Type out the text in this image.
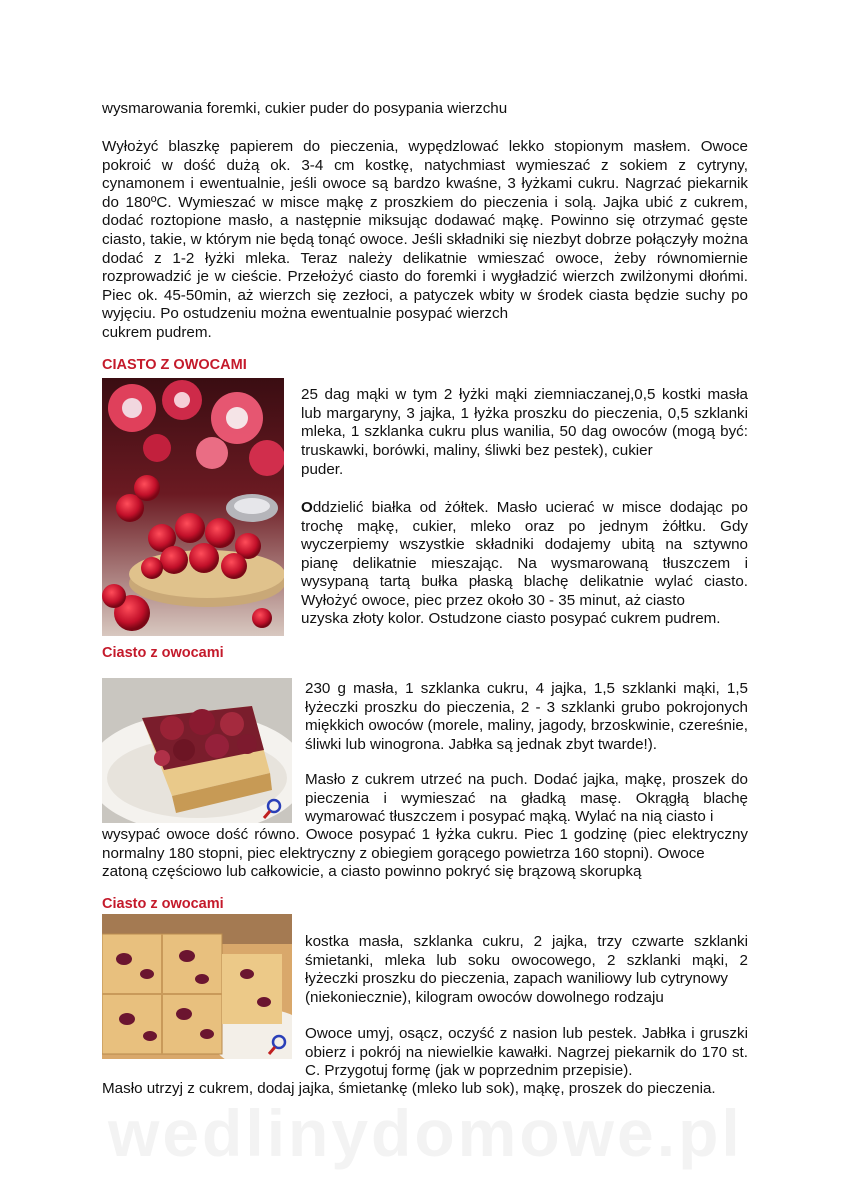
wysmarowania foremki, cukier puder do posypania wierzchu

Wyłożyć blaszkę papierem do pieczenia, wypędzlować lekko stopionym masłem. Owoce pokroić w dość dużą ok. 3-4 cm kostkę, natychmiast wymieszać z sokiem z cytryny, cynamonem i ewentualnie, jeśli owoce są bardzo kwaśne, 3 łyżkami cukru. Nagrzać piekarnik do 180ºC. Wymieszać w misce mąkę z proszkiem do pieczenia i solą. Jajka ubić z cukrem, dodać roztopione masło, a następnie miksując dodawać mąkę. Powinno się otrzymać gęste ciasto, takie, w którym nie będą tonąć owoce. Jeśli składniki się niezbyt dobrze połączyły można dodać z 1-2 łyżki mleka. Teraz należy delikatnie wmieszać owoce, żeby równomiernie rozprowadzić je w cieście. Przełożyć ciasto do foremki i wygładzić wierzch zwilżonymi dłońmi. Piec ok. 45-50min, aż wierzch się zezłoci, a patyczek wbity w środek ciasta będzie suchy po wyjęciu. Po ostudzeniu można ewentualnie posypać wierzch

cukrem pudrem.

CIASTO Z OWOCAMI

25 dag mąki w tym 2 łyżki mąki ziemniaczanej,0,5 kostki masła lub margaryny, 3 jajka, 1 łyżka proszku do pieczenia, 0,5 szklanki mleka, 1 szklanka cukru plus wanilia, 50 dag owoców (mogą być: truskawki, borówki, maliny, śliwki bez pestek), cukier

puder.

Oddzielić białka od żółtek. Masło ucierać w misce dodając po trochę mąkę, cukier, mleko oraz po jednym żółtku. Gdy wyczerpiemy wszystkie składniki dodajemy ubitą na sztywno pianę delikatnie mieszając. Na wysmarowaną tłuszczem i wysypaną tartą bułka płaską blachę delikatnie wylać ciasto. Wyłożyć owoce, piec przez około 30 - 35 minut, aż ciasto

uzyska złoty kolor. Ostudzone ciasto posypać cukrem pudrem.

Ciasto z owocami

230 g masła, 1 szklanka cukru, 4 jajka, 1,5 szklanki mąki, 1,5 łyżeczki proszku do pieczenia, 2 - 3 szklanki grubo pokrojonych miękkich owoców (morele, maliny, jagody, brzoskwinie, czereśnie, śliwki lub winogrona. Jabłka są jednak zbyt twarde!).

Masło z cukrem utrzeć na puch. Dodać jajka, mąkę, proszek do pieczenia i wymieszać na gładką masę. Okrągłą blachę wymarować tłuszczem i posypać mąką. Wylać na nią ciasto i

wysypać owoce dość równo. Owoce posypać 1 łyżka cukru. Piec 1 godzinę (piec elektryczny normalny 180 stopni, piec elektryczny z obiegiem gorącego powietrza 160 stopni). Owoce

zatoną częściowo lub całkowicie, a ciasto powinno pokryć się brązową skorupką

Ciasto z owocami

kostka masła, szklanka cukru, 2 jajka, trzy czwarte szklanki śmietanki, mleka lub soku owocowego, 2 szklanki mąki, 2 łyżeczki proszku do pieczenia, zapach waniliowy lub cytrynowy

(niekoniecznie), kilogram owoców dowolnego rodzaju

Owoce umyj, osącz, oczyść z nasion lub pestek. Jabłka i gruszki obierz i pokrój na niewielkie kawałki. Nagrzej piekarnik do 170 st. C. Przygotuj formę (jak w poprzednim przepisie).

Masło utrzyj z cukrem, dodaj jajka, śmietankę (mleko lub sok), mąkę, proszek do pieczenia.

wedlinydomowe.pl
